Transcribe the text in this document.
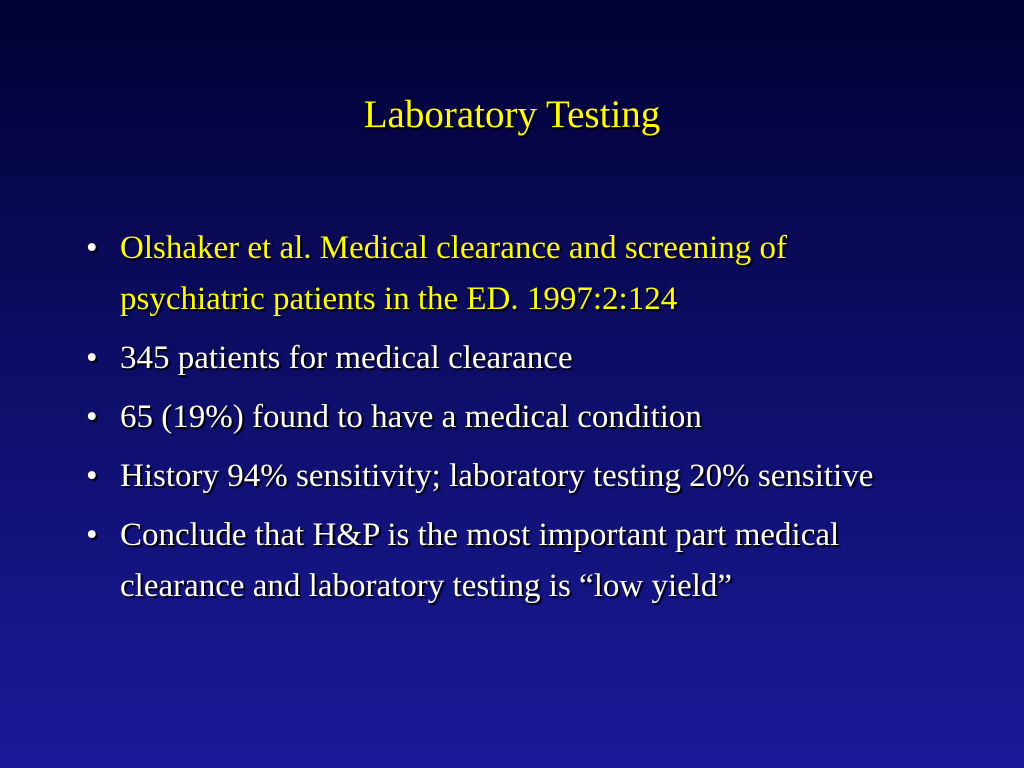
Laboratory Testing
• Olshaker et al. Medical clearance and screening of psychiatric patients in the ED. 1997:2:124
• 345 patients for medical clearance
• 65 (19%) found to have a medical condition
• History 94% sensitivity; laboratory testing 20% sensitive
• Conclude that H&P is the most important part medical clearance and laboratory testing is “low yield”
